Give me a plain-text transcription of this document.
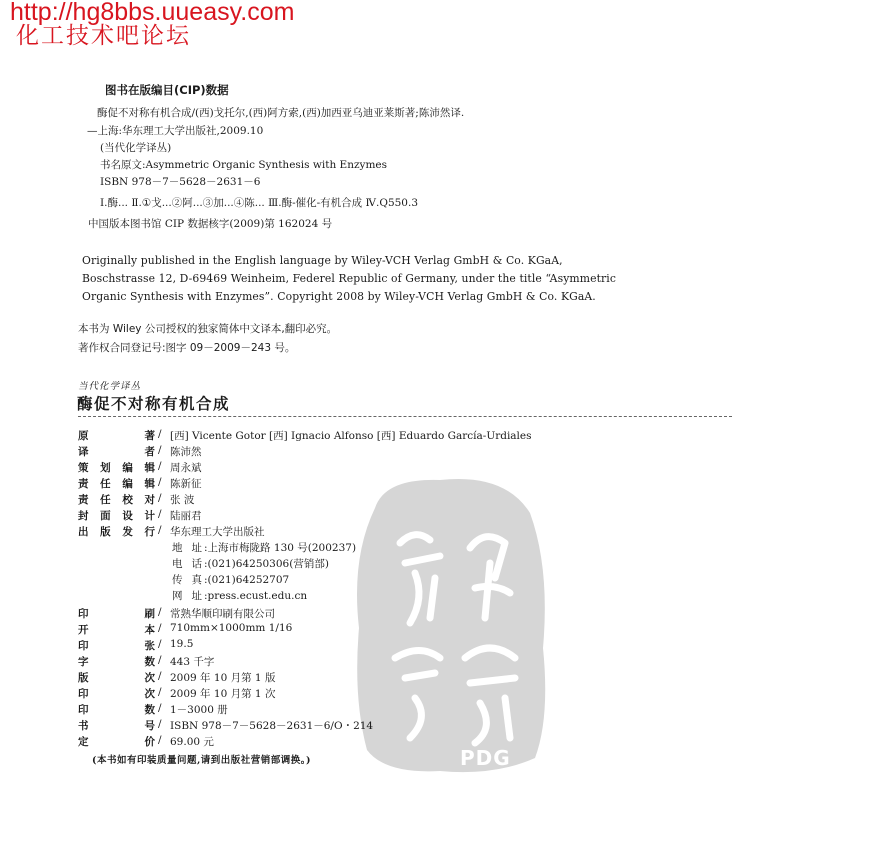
http://hg8bbs.uueasy.com
化工技术吧论坛
图书在版编目(CIP)数据
酶促不对称有机合成/(西)戈托尔,(西)阿方索,(西)加西亚乌迪亚莱斯著;陈沛然译.
—上海:华东理工大学出版社,2009.10
(当代化学译丛)
书名原文:Asymmetric Organic Synthesis with Enzymes
ISBN 978－7－5628－2631－6
Ⅰ.酶... Ⅱ.①戈...②阿...③加...④陈... Ⅲ.酶-催化-有机合成 Ⅳ.Q550.3
中国版本图书馆 CIP 数据核字(2009)第 162024 号
Originally published in the English language by Wiley-VCH Verlag GmbH & Co. KGaA,
Boschstrasse 12, D-69469 Weinheim, Federel Republic of Germany, under the title “Asymmetric
Organic Synthesis with Enzymes”. Copyright 2008 by Wiley-VCH Verlag GmbH & Co. KGaA.
本书为 Wiley 公司授权的独家简体中文译本,翻印必究。
著作权合同登记号:图字 09－2009－243 号。
当代化学译丛
酶促不对称有机合成
PDG
原著 / [西] Vicente Gotor [西] Ignacio Alfonso [西] Eduardo García-Urdiales
译者 / 陈沛然
策划编辑 / 周永斌
责任编辑 / 陈新征
责任校对 / 张 波
封面设计 / 陆丽君
出版发行 / 华东理工大学出版社
地址 :上海市梅陇路 130 号(200237)
电话 :(021)64250306(营销部)
传真 :(021)64252707
网址 :press.ecust.edu.cn
印刷 / 常熟华顺印刷有限公司
开本 / 710mm×1000mm 1/16
印张 / 19.5
字数 / 443 千字
版次 / 2009 年 10 月第 1 版
印次 / 2009 年 10 月第 1 次
印数 / 1－3000 册
书号 / ISBN 978－7－5628－2631－6/O・214
定价 / 69.00 元
(本书如有印装质量问题,请到出版社营销部调换。)
